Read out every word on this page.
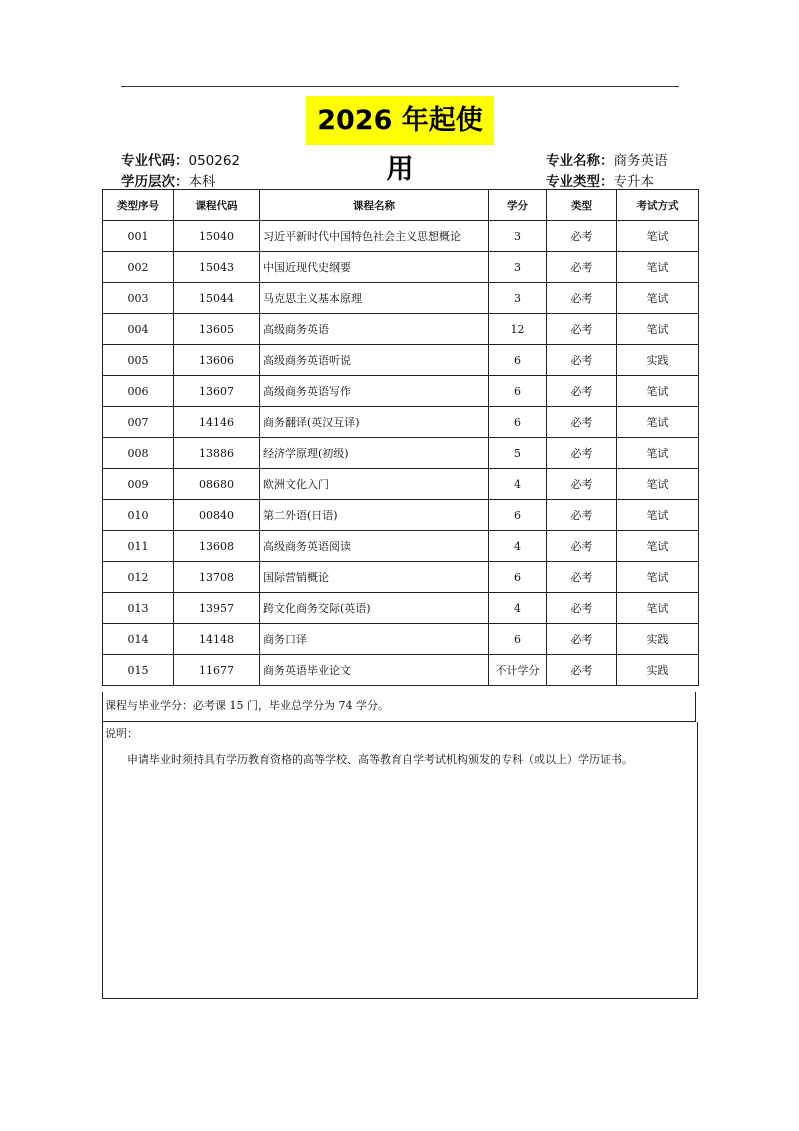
2026 年起使用
专业代码：050262	专业名称：商务英语
学历层次：本科	专业类型：专升本
类型序号	课程代码	课程名称	学分	类型	考试方式
001	15040	习近平新时代中国特色社会主义思想概论	3	必考	笔试
002	15043	中国近现代史纲要	3	必考	笔试
003	15044	马克思主义基本原理	3	必考	笔试
004	13605	高级商务英语	12	必考	笔试
005	13606	高级商务英语听说	6	必考	实践
006	13607	高级商务英语写作	6	必考	笔试
007	14146	商务翻译(英汉互译)	6	必考	笔试
008	13886	经济学原理(初级)	5	必考	笔试
009	08680	欧洲文化入门	4	必考	笔试
010	00840	第二外语(日语)	6	必考	笔试
011	13608	高级商务英语阅读	4	必考	笔试
012	13708	国际营销概论	6	必考	笔试
013	13957	跨文化商务交际(英语)	4	必考	笔试
014	14148	商务口译	6	必考	实践
015	11677	商务英语毕业论文	不计学分	必考	实践
课程与毕业学分：必考课 15 门，毕业总学分为 74 学分。
说明：
申请毕业时须持具有学历教育资格的高等学校、高等教育自学考试机构颁发的专科（或以上）学历证书。
